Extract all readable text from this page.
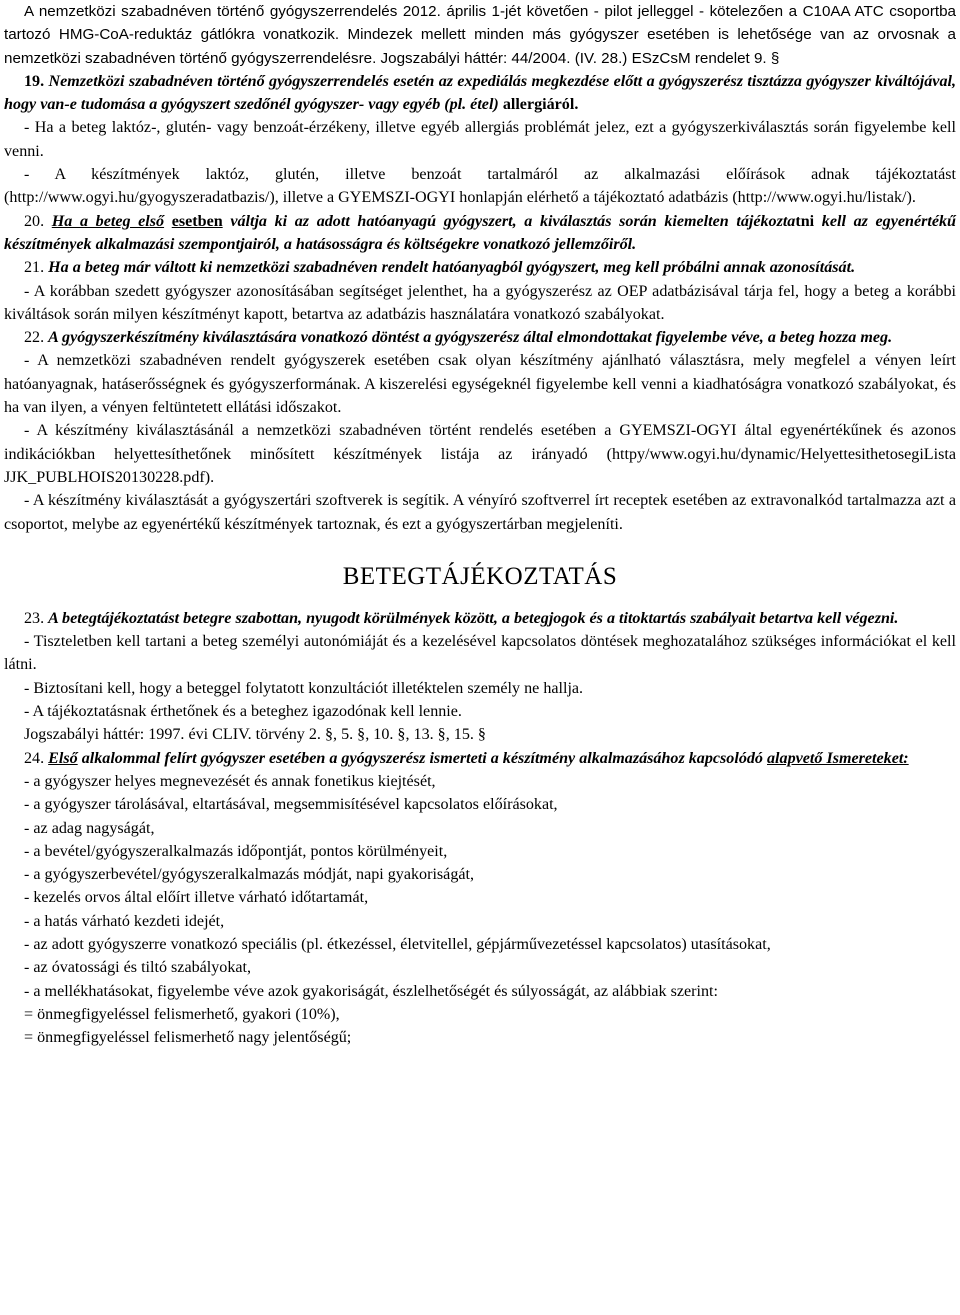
A nemzetközi szabadnéven történő gyógyszerrendelés 2012. április 1-jét követően - pilot jelleggel - kötelezően a C10AA ATC csoportba tartozó HMG-CoA-reduktáz gátlókra vonatkozik. Mindezek mellett minden más gyógyszer esetében is lehetősége van az orvosnak a nemzetközi szabadnéven történő gyógyszerrendelésre. Jogszabályi háttér: 44/2004. (IV. 28.) ESzCsM rendelet 9. §

19. Nemzetközi szabadnéven történő gyógyszerrendelés esetén az expediálás megkezdése előtt a gyógyszerész tisztázza gyógyszer kiváltójával, hogy van-e tudomása a gyógyszert szedőnél gyógyszer- vagy egyéb (pl. étel) allergiáról.

- Ha a beteg laktóz-, glutén- vagy benzoát-érzékeny, illetve egyéb allergiás problémát jelez, ezt a gyógyszerkiválasztás során figyelembe kell venni.

- A készítmények laktóz, glutén, illetve benzoát tartalmáról az alkalmazási előírások adnak tájékoztatást (http://www.ogyi.hu/gyogyszeradatbazis/), illetve a GYEMSZI-OGYI honlapján elérhető a tájékoztató adatbázis (http://www.ogyi.hu/listak/).

20. Ha a beteg első esetben váltja ki az adott hatóanyagú gyógyszert, a kiválasztás során kiemelten tájékoztatni kell az egyenértékű készítmények alkalmazási szempontjairól, a hatásosságra és költségekre vonatkozó jellemzőiről.

21. Ha a beteg már váltott ki nemzetközi szabadnéven rendelt hatóanyagból gyógyszert, meg kell próbálni annak azonosítását.

- A korábban szedett gyógyszer azonosításában segítséget jelenthet, ha a gyógyszerész az OEP adatbázisával tárja fel, hogy a beteg a korábbi kiváltások során milyen készítményt kapott, betartva az adatbázis használatára vonatkozó szabályokat.

22. A gyógyszerkészítmény kiválasztására vonatkozó döntést a gyógyszerész által elmondottakat figyelembe véve, a beteg hozza meg.

- A nemzetközi szabadnéven rendelt gyógyszerek esetében csak olyan készítmény ajánlható választásra, mely megfelel a vényen leírt hatóanyagnak, hatáserősségnek és gyógyszerformának. A kiszerelési egységeknél figyelembe kell venni a kiadhatóságra vonatkozó szabályokat, és ha van ilyen, a vényen feltüntetett ellátási időszakot.

- A készítmény kiválasztásánál a nemzetközi szabadnéven történt rendelés esetében a GYEMSZI-OGYI által egyenértékűnek és azonos indikációkban helyettesíthetőnek minősített készítmények listája az irányadó (httpy/www.ogyi.hu/dynamic/HelyettesithetosegiLista JJK_PUBLHOIS20130228.pdf).

- A készítmény kiválasztását a gyógyszertári szoftverek is segítik. A vényíró szoftverrel írt receptek esetében az extravonalkód tartalmazza azt a csoportot, melybe az egyenértékű készítmények tartoznak, és ezt a gyógyszertárban megjeleníti.

BETEGTÁJÉKOZTATÁS

23. A betegtájékoztatást betegre szabottan, nyugodt körülmények között, a betegjogok és a titoktartás szabályait betartva kell végezni.

- Tiszteletben kell tartani a beteg személyi autonómiáját és a kezelésével kapcsolatos döntések meghozatalához szükséges információkat el kell látni.

- Biztosítani kell, hogy a beteggel folytatott konzultációt illetéktelen személy ne hallja.

- A tájékoztatásnak érthetőnek és a beteghez igazodónak kell lennie.

Jogszabályi háttér: 1997. évi CLIV. törvény 2. §, 5. §, 10. §, 13. §, 15. §

24. Első alkalommal felírt gyógyszer esetében a gyógyszerész ismerteti a készítmény alkalmazásához kapcsolódó alapvető Ismereteket:

- a gyógyszer helyes megnevezését és annak fonetikus kiejtését,

- a gyógyszer tárolásával, eltartásával, megsemmisítésével kapcsolatos előírásokat,

- az adag nagyságát,

- a bevétel/gyógyszeralkalmazás időpontját, pontos körülményeit,

- a gyógyszerbevétel/gyógyszeralkalmazás módját, napi gyakoriságát,

- kezelés orvos által előírt illetve várható időtartamát,

- a hatás várható kezdeti idejét,

- az adott gyógyszerre vonatkozó speciális (pl. étkezéssel, életvitellel, gépjárművezetéssel kapcsolatos) utasításokat,

- az óvatossági és tiltó szabályokat,

- a mellékhatásokat, figyelembe véve azok gyakoriságát, észlelhetőségét és súlyosságát, az alábbiak szerint:

= önmegfigyeléssel felismerhető, gyakori (10%),

= önmegfigyeléssel felismerhető nagy jelentőségű;
